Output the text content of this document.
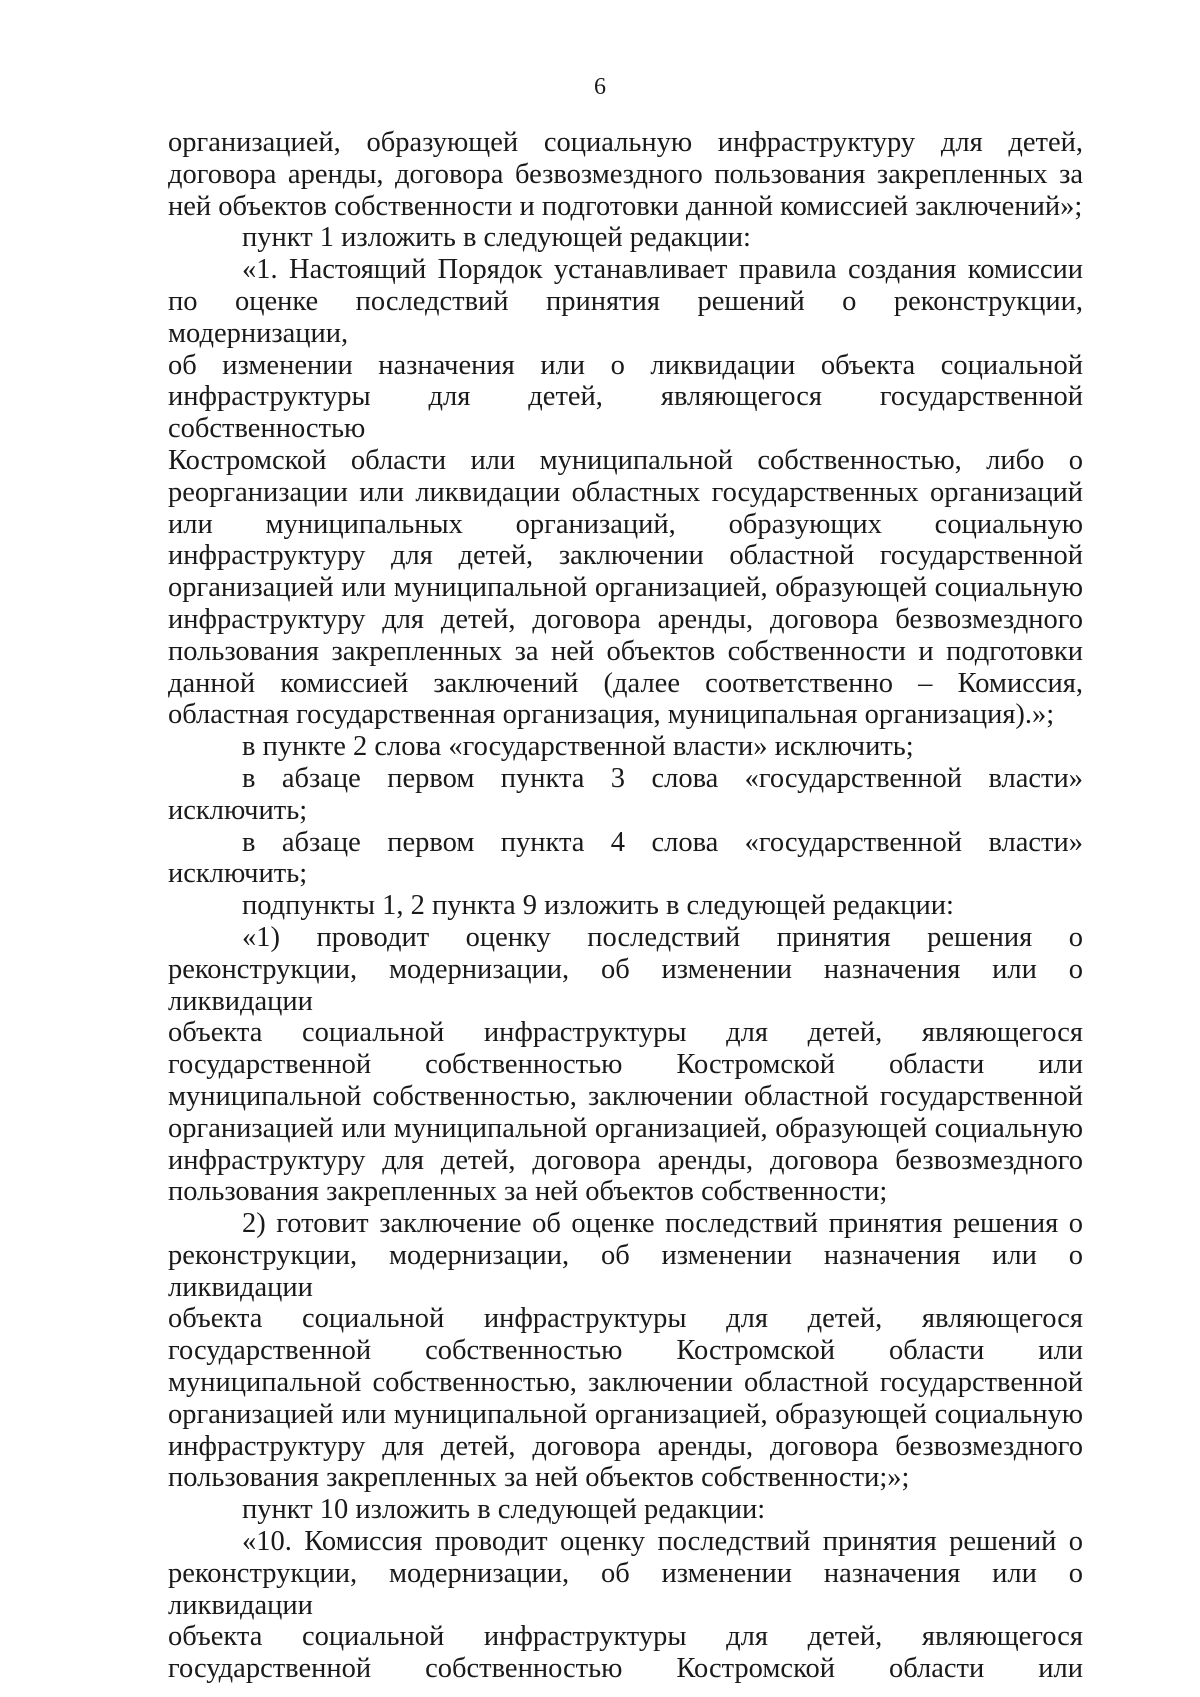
6
организацией, образующей социальную инфраструктуру для детей,
договора аренды, договора безвозмездного пользования закрепленных за
ней объектов собственности и подготовки данной комиссией заключений»;
пункт 1 изложить в следующей редакции:
«1. Настоящий Порядок устанавливает правила создания комиссии
по оценке последствий принятия решений о реконструкции, модернизации,
об изменении назначения или о ликвидации объекта социальной
инфраструктуры для детей, являющегося государственной собственностью
Костромской области или муниципальной собственностью, либо о
реорганизации или ликвидации областных государственных организаций
или муниципальных организаций, образующих социальную
инфраструктуру для детей, заключении областной государственной
организацией или муниципальной организацией, образующей социальную
инфраструктуру для детей, договора аренды, договора безвозмездного
пользования закрепленных за ней объектов собственности и подготовки
данной комиссией заключений (далее соответственно – Комиссия,
областная государственная организация, муниципальная организация).»;
в пункте 2 слова «государственной власти» исключить;
в абзаце первом пункта 3 слова «государственной власти»
исключить;
в абзаце первом пункта 4 слова «государственной власти»
исключить;
подпункты 1, 2 пункта 9 изложить в следующей редакции:
«1) проводит оценку последствий принятия решения о
реконструкции, модернизации, об изменении назначения или о ликвидации
объекта социальной инфраструктуры для детей, являющегося
государственной собственностью Костромской области или
муниципальной собственностью, заключении областной государственной
организацией или муниципальной организацией, образующей социальную
инфраструктуру для детей, договора аренды, договора безвозмездного
пользования закрепленных за ней объектов собственности;
2) готовит заключение об оценке последствий принятия решения о
реконструкции, модернизации, об изменении назначения или о ликвидации
объекта социальной инфраструктуры для детей, являющегося
государственной собственностью Костромской области или
муниципальной собственностью, заключении областной государственной
организацией или муниципальной организацией, образующей социальную
инфраструктуру для детей, договора аренды, договора безвозмездного
пользования закрепленных за ней объектов собственности;»;
пункт 10 изложить в следующей редакции:
«10. Комиссия проводит оценку последствий принятия решений о
реконструкции, модернизации, об изменении назначения или о ликвидации
объекта социальной инфраструктуры для детей, являющегося
государственной собственностью Костромской области или
